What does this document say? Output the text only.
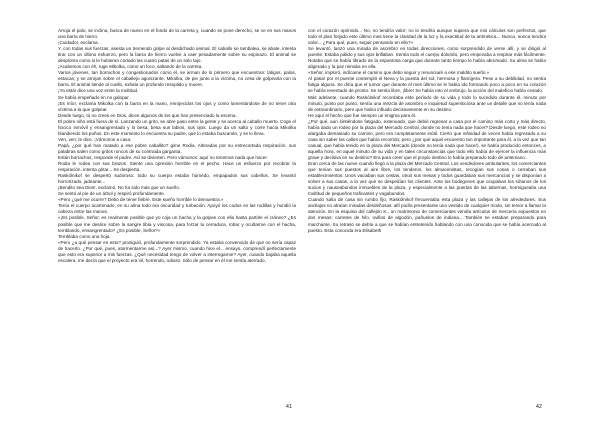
Arroja el palo, se inclina, busca de nuevo en el fondo de la carreta y, cuando se pone derecho, se ve en sus manos una barra de hierro.

¡Cuidado!, exclama.

Y, con todas sus fuerzas, asesta un tremendo golpe al desdichado animal. El caballo se tambalea, se abate, intenta tirar con un último esfuerzo, pero la barra de hierro vuelve a caer pesadamente sobre su espinazo. El animal se desploma como si le hubieran cortado las cuatro patas de un solo tajo.

¡Acabemos con él!, ruge Mikolka, como un loco, saltando de la carreta.

Varios jóvenes, tan borrachos y congestionados como él, se arman de lo primero que encuentran: látigos, palos, estacas; y se arrojan sobre el caballejo agonizante. Mikolka, de pie junto a la víctima, no cesa de golpearla con la barra. El animal tiende al cuello, exhala un profundo resoplido y muere.

¡Ya está! dice una voz entre la multitud.

Se había empeñado en no galopar.

¡Es mío!, exclama Mikolka con la barra en la mano, enrojecidos los ojos y como lamentándose de no tener otra víctima a la que golpear.

Desde luego, tú no crees en Dios, dicen algunos de los que han presenciado la escena.

El pobre niño está fuera de sí. Lanzando un grito, se abre paso entre la gente y se acerca al caballo muerto. Coge el hocico inmóvil y ensangrentado y lo besa; besa sus labios, sus ojos. Luego da un salto y corre hacia Mikolka blandiendo los puños. En este momento lo encuentra su padre, que lo estaba buscando, y se lo lleva.

Ven, ven; le dice. ¡Vámonos a casa.

Papá, ¿por qué han matado a ese pobre caballito? gime Rodia. Alteradas por su entrecortada respiración, sus palabras salen como gritos roncos de su contraída garganta.

Están borrachos, responde el padre. Así se divierten. Pero vámonos: aquí no tenemos nada que hacer.

Rodia le rodea con sus brazos. Siente una opresión horrible en el pecho. Hace un esfuerzo por recobrar la respiración, intenta gritar... Se despierta.

Raskólnikof se despertó sudoroso: todo su cuerpo estaba húmedo, empapados sus cabellos. Se levantó horrorizado, jadeante...

¡Bendito sea Dios!, exclamó. No ha sido más que un sueño.

Se sentó al pie de un árbol y respiró profundamente.

«Pero ¿qué me ocurre? Debo de tener fiebre. Este sueño horrible lo demuestra.»

Tenía el cuerpo acartonado; en su alma todo era oscuridad y turbación. Apoyó los codos en las rodillas y hundió la cabeza entre las manos.

«¡Es posible, Señor, es realmente posible que yo coja un hacha y la golpee con ella hasta partirle el cráneo? ¿Es posible que me deslice sobre la sangre tibia y viscosa, para forzar la cerradura, robar y ocultarme con el hacha, temblando, ensangrentado? ¿Es posible, Señor?»

Temblaba como una hoja.

«Pero ¿a qué pensar en esto? prosiguió, profundamente sorprendido. Ya estaba convencido de que no sería capaz de hacerlo. ¿Por qué, pues, atormentarme así...? Ayer mismo, cuando hice el... ensayo, comprendí perfectamente que esto era superior a mis fuerzas. ¿Qué necesidad tengo de volver a interrogarme? Ayer, cuando bajaba aquella escalera, me decía que el proyecto era vil, horrendo, odioso. Sólo de pensar en él me sentía aterrado,

41

con el corazón oprimido... No, no tendría valor; no lo tendría aunque supiera que mis cálculos son perfectos, que todo el plan forjado este último mes tiene la claridad de la luz y la exactitud de la aritmética... Nunca, nunca tendría valor... ¿Para qué, pues, seguir pensando en ello?»

Se levantó, lanzó una mirada de asombro en todas direcciones, como sorprendido de verse allí, y se dirigió al puente. Estaba pálido y sus ojos brillaban. Sentía todo el cuerpo dolorido, pero empezaba a respirar más fácilmente. Notaba que se había librado de la espantosa carga que durante tanto tiempo le había abrumado. Su alma se había aligerado y la paz reinaba en ella.

«Señor, imploró, indícame el camino que debo seguir y renunciaré a ese maldito sueño.»

Al pasar por el puente contempló el Neva y la puesta del sol, hermosa y flamígera. Pese a su debilidad, no sentía fatiga alguna. Se diría que el tumor que durante el mes último se le había ido formando poco a poco en su corazón se había reventado de pronto. Se sentía libre, ¡libre! Se había roto el embrujo, la acción del maleficio había cesado.

Más adelante, cuando Raskólnikof recordaba este período de su vida y todo lo sucedido durante él, minuto por minuto, punto por punto, sentía una mezcla de asombro e inquietud supersticiosa ante un detalle que no tenía nada de extraordinario, pero que había influido decisivamente en su destino.

He aquí el hecho que fue siempre un enigma para él.

¿Por qué, aun sintiéndose fatigado, extenuado, que debió regresar a casa por el camino más corto y más directo, había dado un rodeo por la plaza del Mercado Central, donde no tenía nada que hacer? Desde luego, este rodeo no alargaba demasiado su camino, pero era completamente inútil. Cierto que infinidad de veces había regresado a su casa sin saber las calles que había recorrido; pero ¿por qué aquel encuentro tan importante para él, a la vez que tan casual, que había tenido en la plaza del Mercado (donde no tenía nada que hacer), se había producido entonces, a aquella hora, en aquel minuto de su vida y en tales circunstancias que todo ello había de ejercer la influencia más grave y decisiva en su destino? Era para creer que el propio destino lo había preparado todo de antemano.

Eran cerca de las nueve cuando llegó a la plaza del Mercado Central. Los vendedores ambulantes, los comerciantes que tenían sus puestos al aire libre, los tenderos, los almacenistas, recogían sus cosas o cerraban sus establecimientos. Unos vaciaban sus cestas, otros sus mesas y todos guardaban sus mercancías y se disponían a volver a sus casas, a la vez que se despedían los clientes. Ante los bodegones que ocupaban los sótanos de los sucios y nauseabundos inmuebles de la plaza, y especialmente a las puertas de las tabernas, hormigueaba una multitud de pequeños traficantes y vagabundos.

Cuando salía de casa sin rumbo fijo, Raskólnikof frecuentaba esta plaza y las callejas de los alrededores. Sus andrajos no atraían miradas desdeñosas: allí podía presentarse uno vestido de cualquier modo, sin temor a llamar la atención. En la esquina del callejón K., un matrimonio de comerciantes vendía artículos de mercería expuestos en dos mesas: carretes de hilo, ovillos de algodón, pañuelos de indiana... También se estaban preparando para marcharse. Su retraso se debía a que se habían entretenido hablando con una conocida que se había acercado al puesto. Esta conocida era Elisabeth

42
